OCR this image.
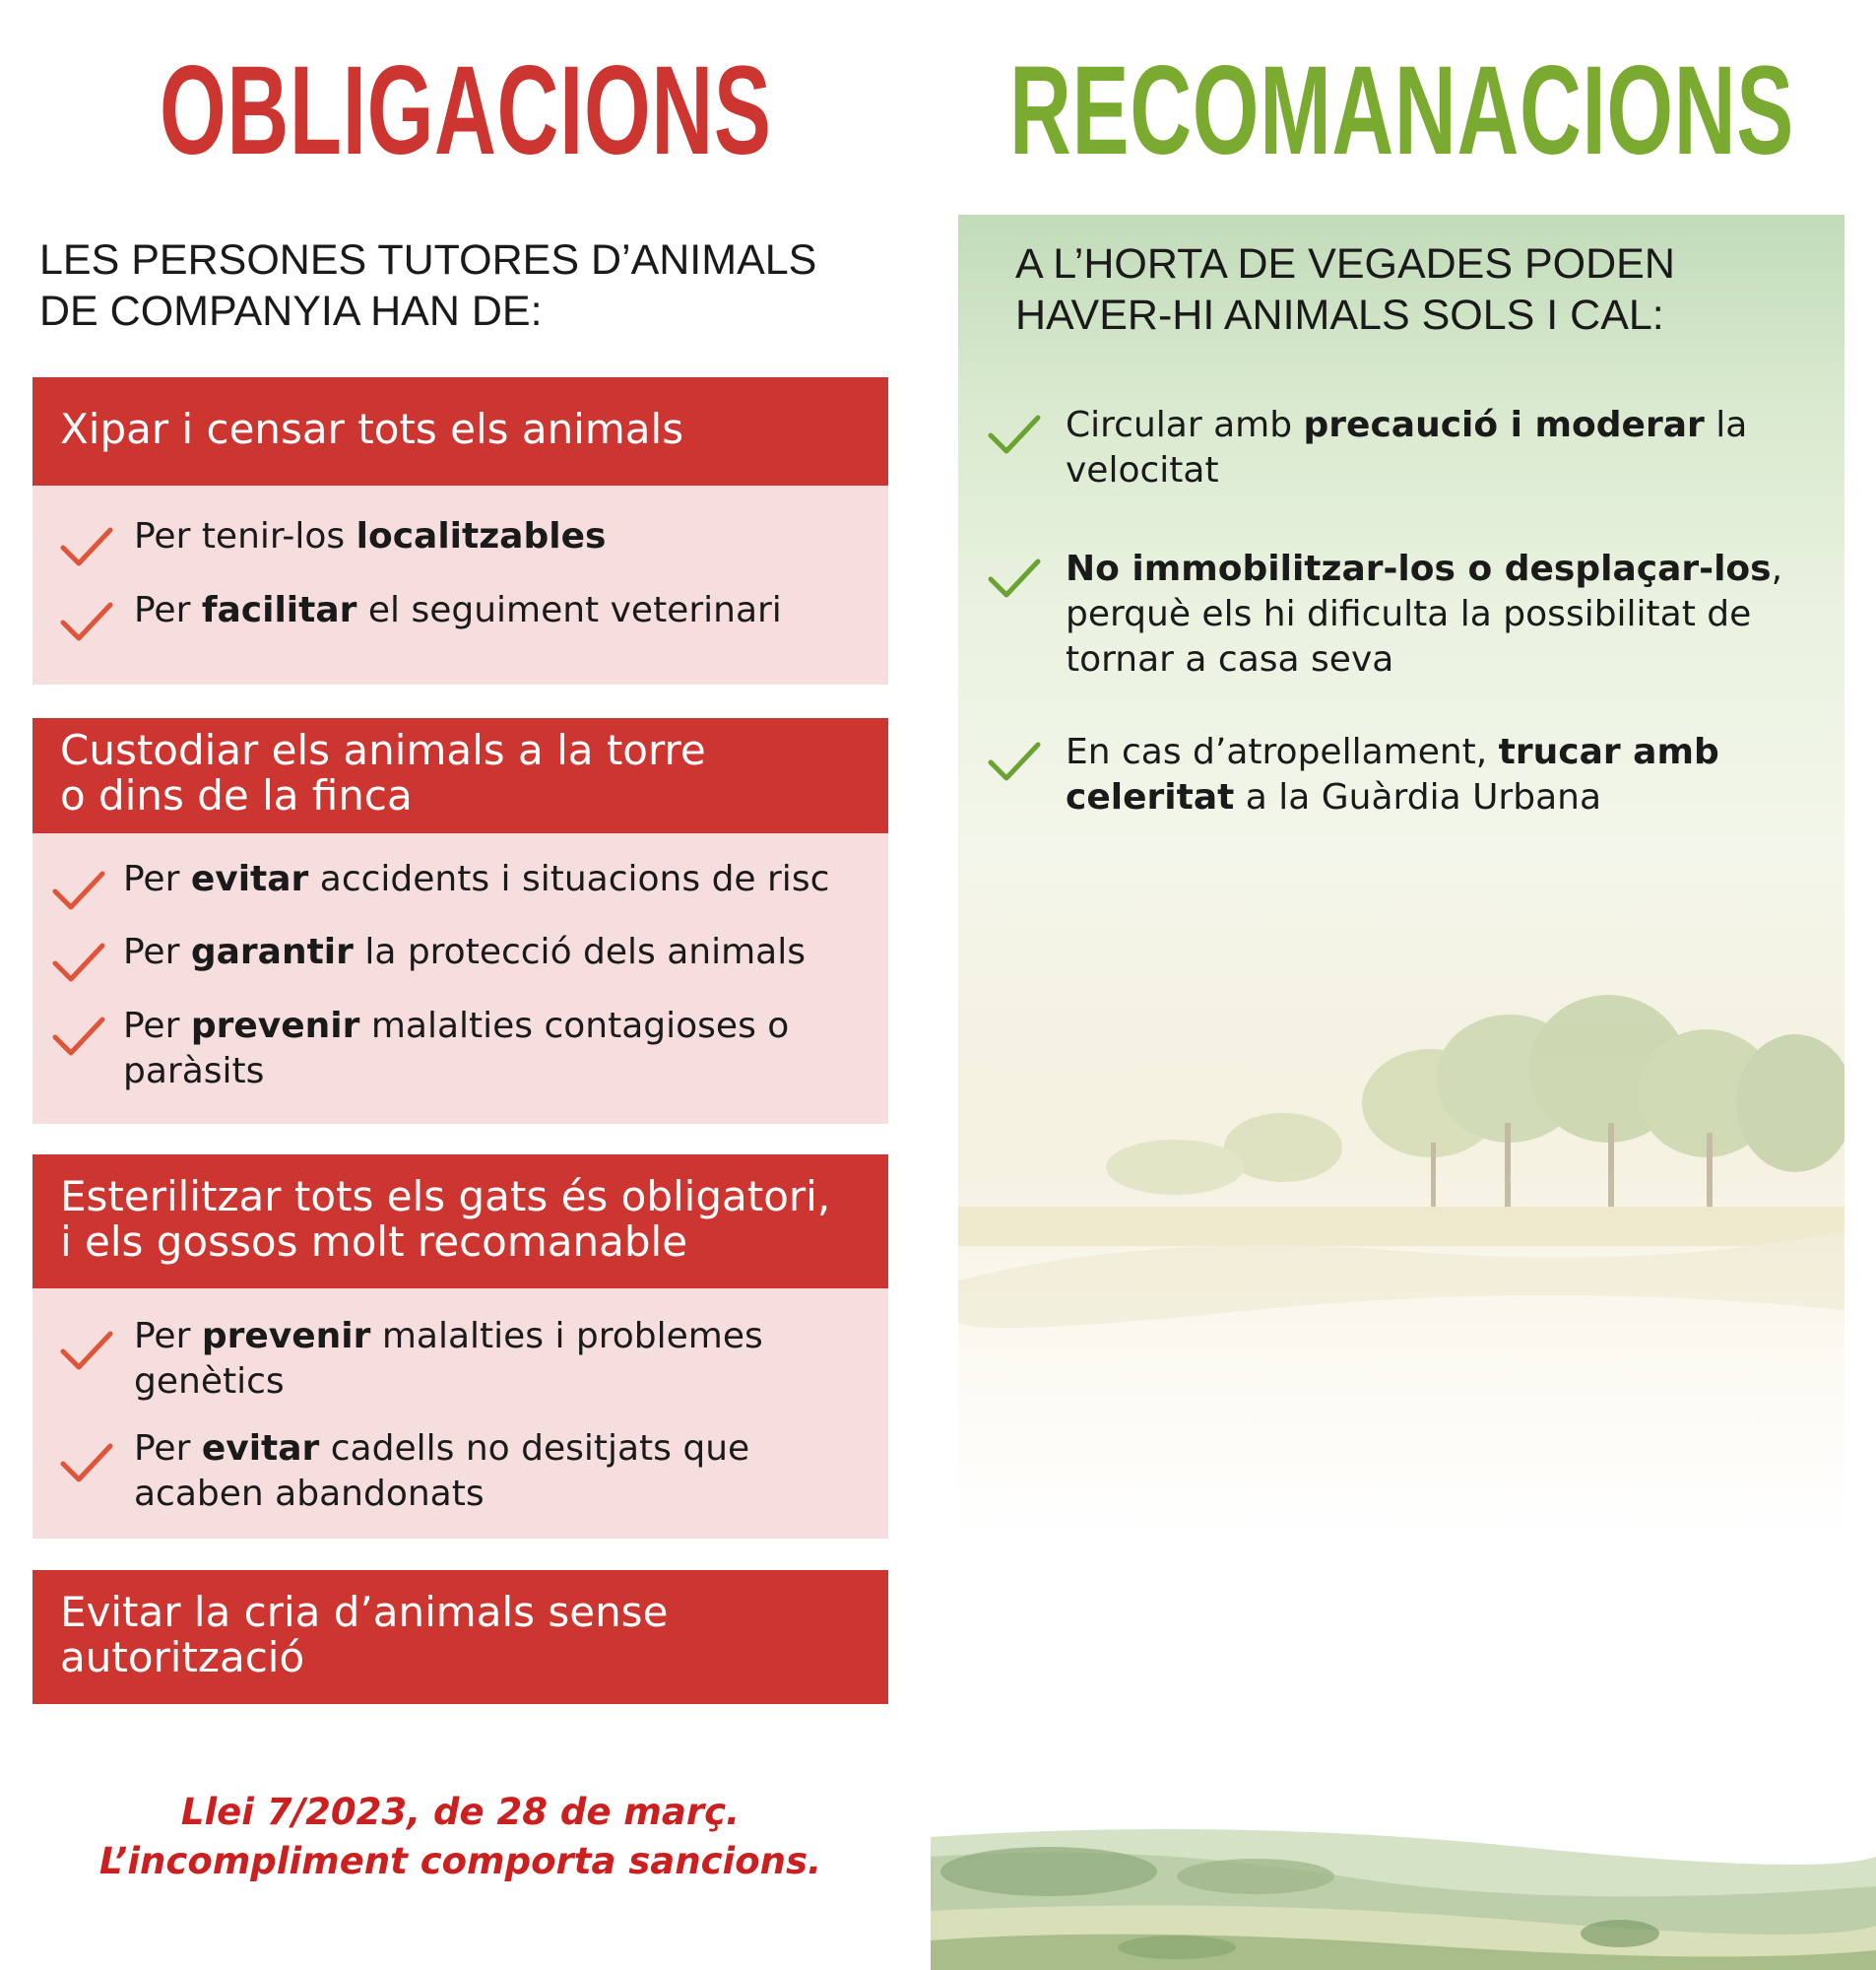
OBLIGACIONS RECOMANACIONS
LES PERSONES TUTORES D’ANIMALS
DE COMPANYIA HAN DE:
Xipar i censar tots els animals
Per tenir-los localitzables
Per facilitar el seguiment veterinari
Custodiar els animals a la torre
o dins de la finca
Per evitar accidents i situacions de risc
Per garantir la protecció dels animals
Per prevenir malalties contagioses o
paràsits
Esterilitzar tots els gats és obligatori,
i els gossos molt recomanable
Per prevenir malalties i problemes
genètics
Per evitar cadells no desitjats que
acaben abandonats
Evitar la cria d’animals sense
autorització
Llei 7/2023, de 28 de març.
L’incompliment comporta sancions.
A L’HORTA DE VEGADES PODEN
HAVER-HI ANIMALS SOLS I CAL:
Circular amb precaució i moderar la
velocitat
No immobilitzar-los o desplaçar-los,
perquè els hi dificulta la possibilitat de
tornar a casa seva
En cas d’atropellament, trucar amb
celeritat a la Guàrdia Urbana
